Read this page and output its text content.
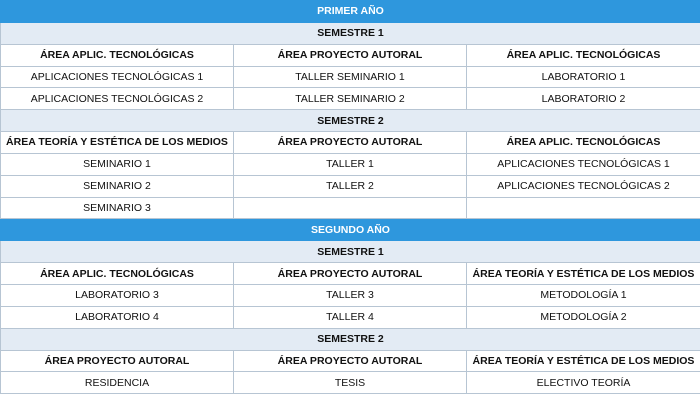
PRIMER AÑO		
SEMESTRE 1		
ÁREA APLIC. TECNOLÓGICAS	ÁREA PROYECTO AUTORAL	ÁREA APLIC. TECNOLÓGICAS
APLICACIONES TECNOLÓGICAS 1	TALLER SEMINARIO 1	LABORATORIO 1
APLICACIONES TECNOLÓGICAS 2	TALLER SEMINARIO 2	LABORATORIO 2
SEMESTRE 2		
ÁREA TEORÍA Y ESTÉTICA DE LOS MEDIOS	ÁREA PROYECTO AUTORAL	ÁREA APLIC. TECNOLÓGICAS
SEMINARIO 1	TALLER 1	APLICACIONES TECNOLÓGICAS 1
SEMINARIO 2	TALLER 2	APLICACIONES TECNOLÓGICAS 2
SEMINARIO 3		
SEGUNDO AÑO		
SEMESTRE 1		
ÁREA APLIC. TECNOLÓGICAS	ÁREA PROYECTO AUTORAL	ÁREA TEORÍA Y ESTÉTICA DE LOS MEDIOS
LABORATORIO 3	TALLER 3	METODOLOGÍA 1
LABORATORIO 4	TALLER 4	METODOLOGÍA 2
SEMESTRE 2		
ÁREA PROYECTO AUTORAL	ÁREA PROYECTO AUTORAL	ÁREA TEORÍA Y ESTÉTICA DE LOS MEDIOS
RESIDENCIA	TESIS	ELECTIVO TEORÍA
